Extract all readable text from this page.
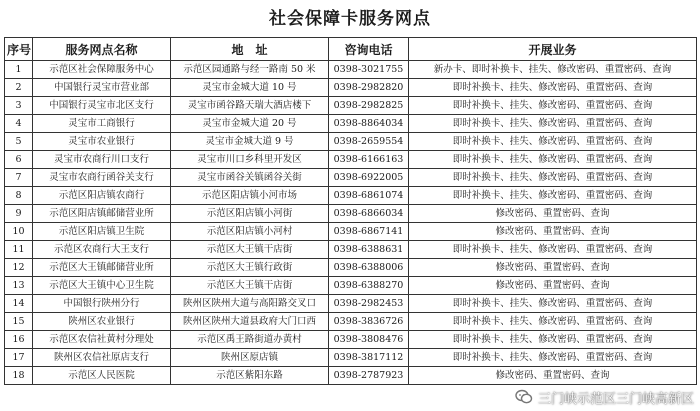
社会保障卡服务网点
序号	服务网点名称	地　址	咨询电话	开展业务
1	示范区社会保障服务中心	示范区园通路与经一路南 50 米	0398-3021755	新办卡、即时补换卡、挂失、修改密码、重置密码、查询
2	中国银行灵宝市营业部	灵宝市金城大道 10 号	0398-2982820	即时补换卡、挂失、修改密码、重置密码、查询
3	中国银行灵宝市北区支行	灵宝市函谷路天瑞大酒店楼下	0398-2982825	即时补换卡、挂失、修改密码、重置密码、查询
4	灵宝市工商银行	灵宝市金城大道 20 号	0398-8864034	即时补换卡、挂失、修改密码、重置密码、查询
5	灵宝市农业银行	灵宝市金城大道 9 号	0398-2659554	即时补换卡、挂失、修改密码、重置密码、查询
6	灵宝市农商行川口支行	灵宝市川口乡科里开发区	0398-6166163	即时补换卡、挂失、修改密码、重置密码、查询
7	灵宝市农商行函谷关支行	灵宝市函谷关镇函谷关街	0398-6922005	即时补换卡、挂失、修改密码、重置密码、查询
8	示范区阳店镇农商行	示范区阳店镇小河市场	0398-6861074	即时补换卡、挂失、修改密码、重置密码、查询
9	示范区阳店镇邮储营业所	示范区阳店镇小河街	0398-6866034	修改密码、重置密码、查询
10	示范区阳店镇卫生院	示范区阳店镇小河村	0398-6867141	修改密码、重置密码、查询
11	示范区农商行大王支行	示范区大王镇干店街	0398-6388631	即时补换卡、挂失、修改密码、重置密码、查询
12	示范区大王镇邮储营业所	示范区大王镇行政街	0398-6388006	修改密码、重置密码、查询
13	示范区大王镇中心卫生院	示范区大王镇干店街	0398-6388270	修改密码、重置密码、查询
14	中国银行陕州分行	陕州区陕州大道与高阳路交叉口	0398-2982453	即时补换卡、挂失、修改密码、重置密码、查询
15	陕州区农业银行	陕州区陕州大道县政府大门口西	0398-3836726	即时补换卡、挂失、修改密码、重置密码、查询
16	示范区农信社黄村分理处	示范区禹王路街道办黄村	0398-3808476	即时补换卡、挂失、修改密码、重置密码、查询
17	陕州区农信社原店支行	陕州区原店镇	0398-3817112	即时补换卡、挂失、修改密码、重置密码、查询
18	示范区人民医院	示范区紫阳东路	0398-2787923	修改密码、重置密码、查询
三门峡示范区三门峡高新区
